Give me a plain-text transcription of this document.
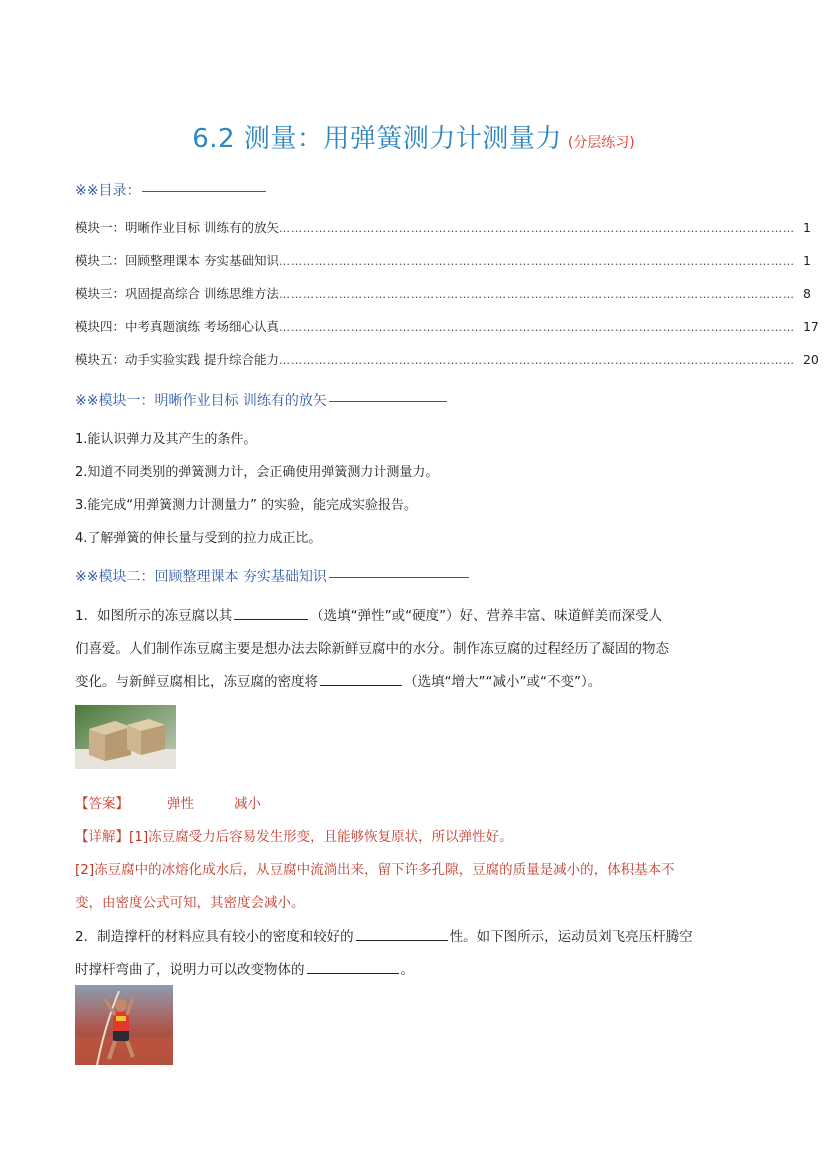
6.2 测量：用弹簧测力计测量力 (分层练习)
※※目录：
模块一：明晰作业目标 训练有的放矢 ………………………………………………………………………………………………………………… 1
模块二：回顾整理课本 夯实基础知识 ………………………………………………………………………………………………………………… 1
模块三：巩固提高综合 训练思维方法 ………………………………………………………………………………………………………………… 8
模块四：中考真题演练 考场细心认真 ………………………………………………………………………………………………………………… 17
模块五：动手实验实践 提升综合能力 ………………………………………………………………………………………………………………… 20
※※模块一：明晰作业目标 训练有的放矢
1.能认识弹力及其产生的条件。
2.知道不同类别的弹簧测力计，会正确使用弹簧测力计测量力。
3.能完成“用弹簧测力计测量力” 的实验，能完成实验报告。
4.了解弹簧的伸长量与受到的拉力成正比。
※※模块二：回顾整理课本 夯实基础知识
1．如图所示的冻豆腐以其	（选填“弹性”或“硬度”）好、营养丰富、味道鲜美而深受人
们喜爱。人们制作冻豆腐主要是想办法去除新鲜豆腐中的水分。制作冻豆腐的过程经历了凝固的物态
变化。与新鲜豆腐相比，冻豆腐的密度将	（选填“增大”“减小”或“不变”）。
【答案】	弹性	减小
【详解】[1]冻豆腐受力后容易发生形变，且能够恢复原状，所以弹性好。
[2]冻豆腐中的冰熔化成水后，从豆腐中流淌出来，留下许多孔隙，豆腐的质量是减小的，体积基本不
变，由密度公式可知，其密度会减小。
2．制造撑杆的材料应具有较小的密度和较好的	性。如下图所示，运动员刘飞亮压杆腾空
时撑杆弯曲了，说明力可以改变物体的	。
